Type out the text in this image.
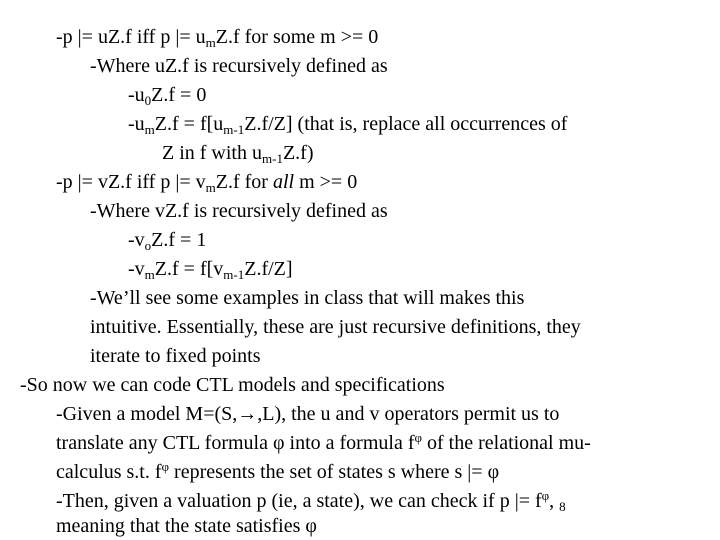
-p |= uZ.f iff p |= $u_mZ.f$ for some m >= 0
-Where uZ.f is recursively defined as
$-u_0Z.f = 0$
$-u_mZ.f = f[u_{m-1}Z.f/Z]$ (that is, replace all occurrences of
Z in f with $u_{m-1}Z.f$)
-p |= vZ.f iff p |= $v_mZ.f$ for all m >= 0
-Where vZ.f is recursively defined as
$-v_oZ.f = 1$
$-v_mZ.f = f[v_{m-1}Z.f/Z]$
-We’ll see some examples in class that will makes this
intuitive. Essentially, these are just recursive definitions, they
iterate to fixed points
-So now we can code CTL models and specifications
-Given a model M=(S,→,L), the u and v operators permit us to
translate any CTL formula φ into a formula $f^\varphi$ of the relational mu-
calculus s.t. $f^\varphi$ represents the set of states s where s |= φ
-Then, given a valuation p (ie, a state), we can check if p |= $f^\varphi$, $_8$
meaning that the state satisfies φ
